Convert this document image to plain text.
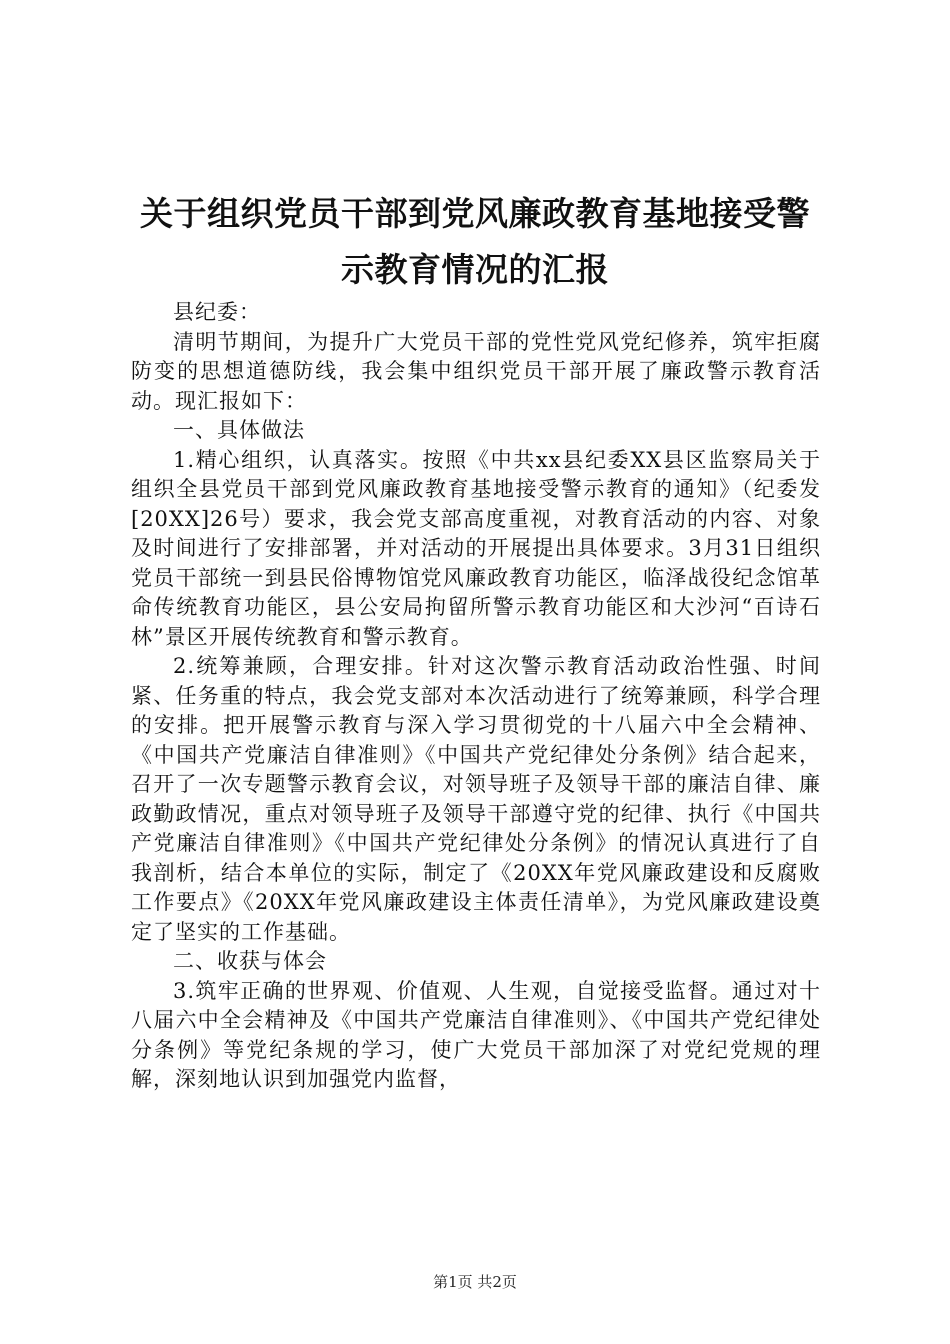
关于组织党员干部到党风廉政教育基地接受警
示教育情况的汇报

县纪委：

清明节期间，为提升广大党员干部的党性党风党纪修养，筑牢拒腐防变的思想道德防线，我会集中组织党员干部开展了廉政警示教育活动。现汇报如下：

一、具体做法

1.精心组织，认真落实。按照《中共xx县纪委XX县区监察局关于组织全县党员干部到党风廉政教育基地接受警示教育的通知》（纪委发[20XX]26号）要求，我会党支部高度重视，对教育活动的内容、对象及时间进行了安排部署，并对活动的开展提出具体要求。3月31日组织党员干部统一到县民俗博物馆党风廉政教育功能区，临泽战役纪念馆革命传统教育功能区，县公安局拘留所警示教育功能区和大沙河“百诗石林”景区开展传统教育和警示教育。

2.统筹兼顾，合理安排。针对这次警示教育活动政治性强、时间紧、任务重的特点，我会党支部对本次活动进行了统筹兼顾，科学合理的安排。把开展警示教育与深入学习贯彻党的十八届六中全会精神、《中国共产党廉洁自律准则》《中国共产党纪律处分条例》结合起来，召开了一次专题警示教育会议，对领导班子及领导干部的廉洁自律、廉政勤政情况，重点对领导班子及领导干部遵守党的纪律、执行《中国共产党廉洁自律准则》《中国共产党纪律处分条例》的情况认真进行了自我剖析，结合本单位的实际，制定了《20XX年党风廉政建设和反腐败工作要点》《20XX年党风廉政建设主体责任清单》，为党风廉政建设奠定了坚实的工作基础。

二、收获与体会

3.筑牢正确的世界观、价值观、人生观，自觉接受监督。通过对十八届六中全会精神及《中国共产党廉洁自律准则》、《中国共产党纪律处分条例》等党纪条规的学习，使广大党员干部加深了对党纪党规的理解，深刻地认识到加强党内监督，

第1页 共2页
